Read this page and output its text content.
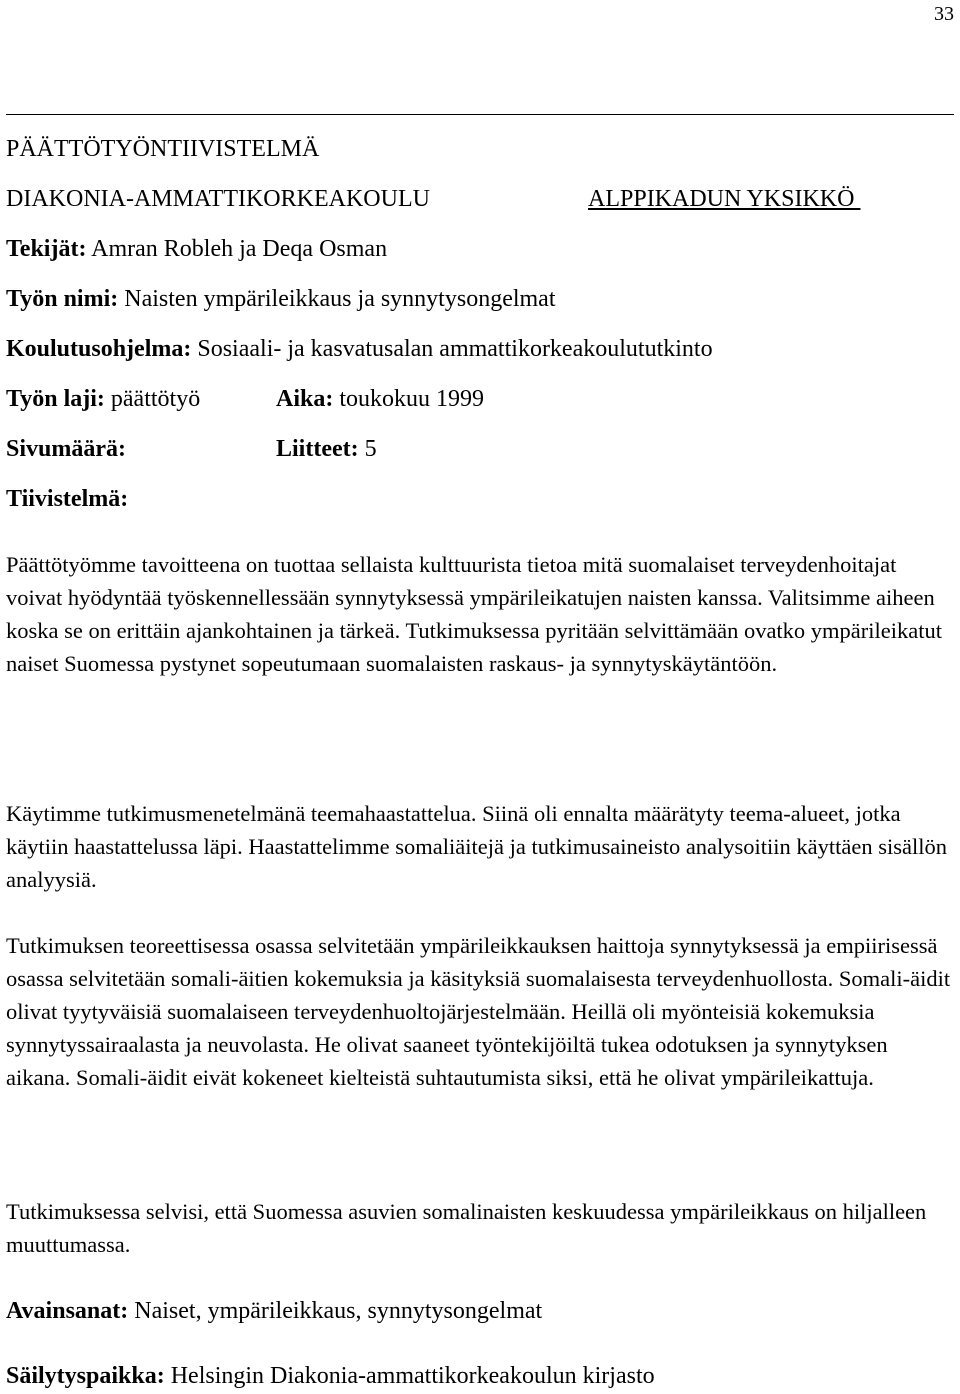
33
PÄÄTTÖTYÖNTIIVISTELMÄ
DIAKONIA-AMMATTIKORKEAKOULU	ALPPIKADUN YKSIKKÖ
Tekijät: Amran Robleh ja Deqa Osman
Työn nimi: Naisten ympärileikkaus ja synnytysongelmat
Koulutusohjelma: Sosiaali- ja kasvatusalan ammattikorkeakoulututkinto
Työn laji: päättötyö	Aika: toukokuu 1999
Sivumäärä:	Liitteet: 5
Tiivistelmä:

Päättötyömme tavoitteena on tuottaa sellaista kulttuurista tietoa mitä suomalaiset terveydenhoitajat voivat hyödyntää työskennellessään synnytyksessä ympärileikatujen naisten kanssa. Valitsimme aiheen koska se on erittäin ajankohtainen ja tärkeä. Tutkimuksessa pyritään selvittämään ovatko ympärileikatut naiset Suomessa pystynet sopeutumaan suomalaisten raskaus- ja synnytyskäytäntöön.

Käytimme tutkimusmenetelmänä teemahaastattelua. Siinä oli ennalta määrätyty teema-alueet, jotka käytiin haastattelussa läpi. Haastattelimme somaliäitejä ja tutkimusaineisto analysoitiin käyttäen sisällön analyysiä.

Tutkimuksen teoreettisessa osassa selvitetään ympärileikkauksen haittoja synnytyksessä ja empiirisessä osassa selvitetään somali-äitien kokemuksia ja käsityksiä suomalaisesta terveydenhuollosta. Somali-äidit olivat tyytyväisiä suomalaiseen terveydenhuoltojärjestelmään. Heillä oli myönteisiä kokemuksia synnytyssairaalasta ja neuvolasta. He olivat saaneet työntekijöiltä tukea odotuksen ja synnytyksen aikana. Somali-äidit eivät kokeneet kielteistä suhtautumista siksi, että he olivat ympärileikattuja.

Tutkimuksessa selvisi, että Suomessa asuvien somalinaisten keskuudessa ympärileikkaus on hiljalleen muuttumassa.

Avainsanat: Naiset, ympärileikkaus, synnytysongelmat
Säilytyspaikka: Helsingin Diakonia-ammattikorkeakoulun kirjasto
